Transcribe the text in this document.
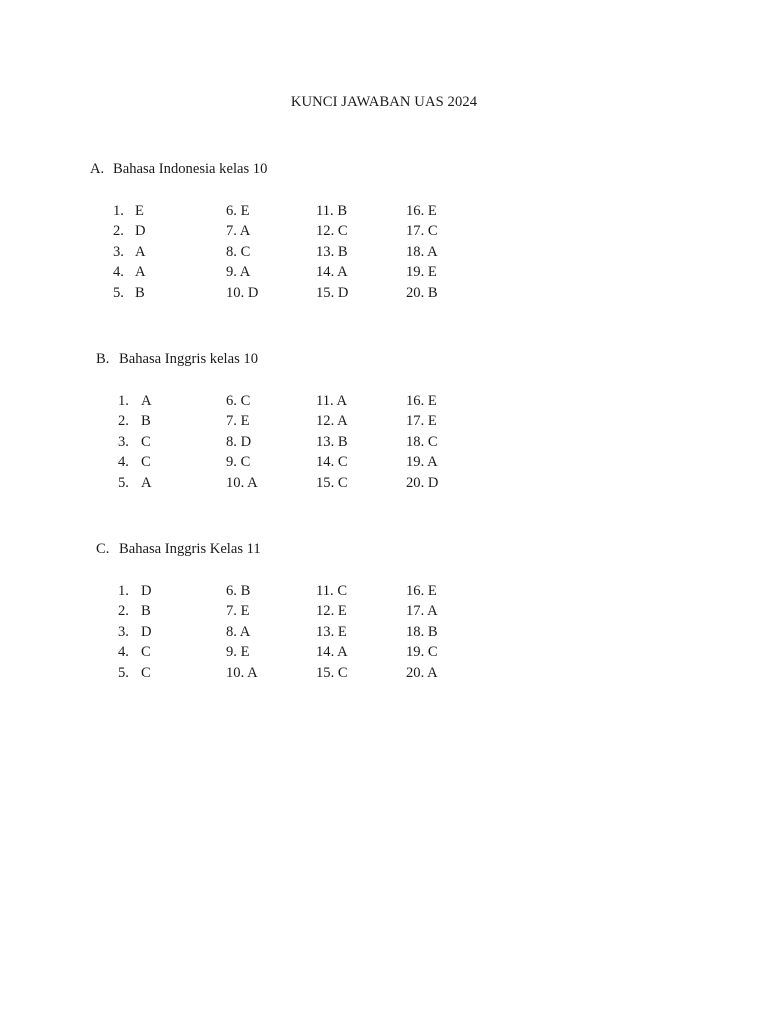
KUNCI JAWABAN UAS 2024
A. Bahasa Indonesia kelas 10
1. E
2. D
3. A
4. A
5. B
6. E
7. A
8. C
9. A
10. D
11. B
12. C
13. B
14. A
15. D
16. E
17. C
18. A
19. E
20. B
B. Bahasa Inggris kelas 10
1. A
2. B
3. C
4. C
5. A
6. C
7. E
8. D
9. C
10. A
11. A
12. A
13. B
14. C
15. C
16. E
17. E
18. C
19. A
20. D
C. Bahasa Inggris Kelas 11
1. D
2. B
3. D
4. C
5. C
6. B
7. E
8. A
9. E
10. A
11. C
12. E
13. E
14. A
15. C
16. E
17. A
18. B
19. C
20. A
